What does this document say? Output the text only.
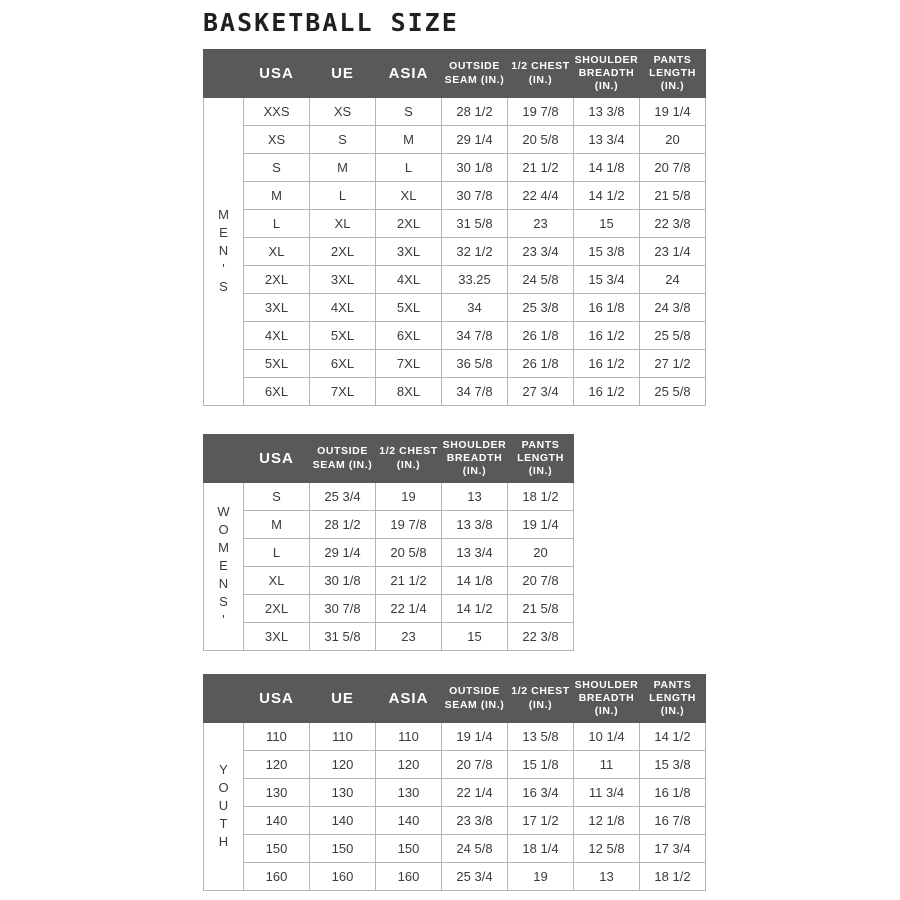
BASKETBALL SIZE

	USA	UE	ASIA	OUTSIDE SEAM (IN.)	1/2 CHEST (IN.)	SHOULDER BREADTH (IN.)	PANTS LENGTH (IN.)

MEN'S	XXS	XS	S	28 1/2	19 7/8	13 3/8	19 1/4
	XS	S	M	29 1/4	20 5/8	13 3/4	20
	S	M	L	30 1/8	21 1/2	14 1/8	20 7/8
	M	L	XL	30 7/8	22 4/4	14 1/2	21 5/8
	L	XL	2XL	31 5/8	23	15	22 3/8
	XL	2XL	3XL	32 1/2	23 3/4	15 3/8	23 1/4
	2XL	3XL	4XL	33.25	24 5/8	15 3/4	24
	3XL	4XL	5XL	34	25 3/8	16 1/8	24 3/8
	4XL	5XL	6XL	34 7/8	26 1/8	16 1/2	25 5/8
	5XL	6XL	7XL	36 5/8	26 1/8	16 1/2	27 1/2
	6XL	7XL	8XL	34 7/8	27 3/4	16 1/2	25 5/8

	USA	OUTSIDE SEAM (IN.)	1/2 CHEST (IN.)	SHOULDER BREADTH (IN.)	PANTS LENGTH (IN.)

WOMENS'	S	25 3/4	19	13	18 1/2
	M	28 1/2	19 7/8	13 3/8	19 1/4
	L	29 1/4	20 5/8	13 3/4	20
	XL	30 1/8	21 1/2	14 1/8	20 7/8
	2XL	30 7/8	22 1/4	14 1/2	21 5/8
	3XL	31 5/8	23	15	22 3/8

	USA	UE	ASIA	OUTSIDE SEAM (IN.)	1/2 CHEST (IN.)	SHOULDER BREADTH (IN.)	PANTS LENGTH (IN.)

YOUTH	110	110	110	19 1/4	13 5/8	10 1/4	14 1/2
	120	120	120	20 7/8	15 1/8	11	15 3/8
	130	130	130	22 1/4	16 3/4	11 3/4	16 1/8
	140	140	140	23 3/8	17 1/2	12 1/8	16 7/8
	150	150	150	24 5/8	18 1/4	12 5/8	17 3/4
	160	160	160	25 3/4	19	13	18 1/2
